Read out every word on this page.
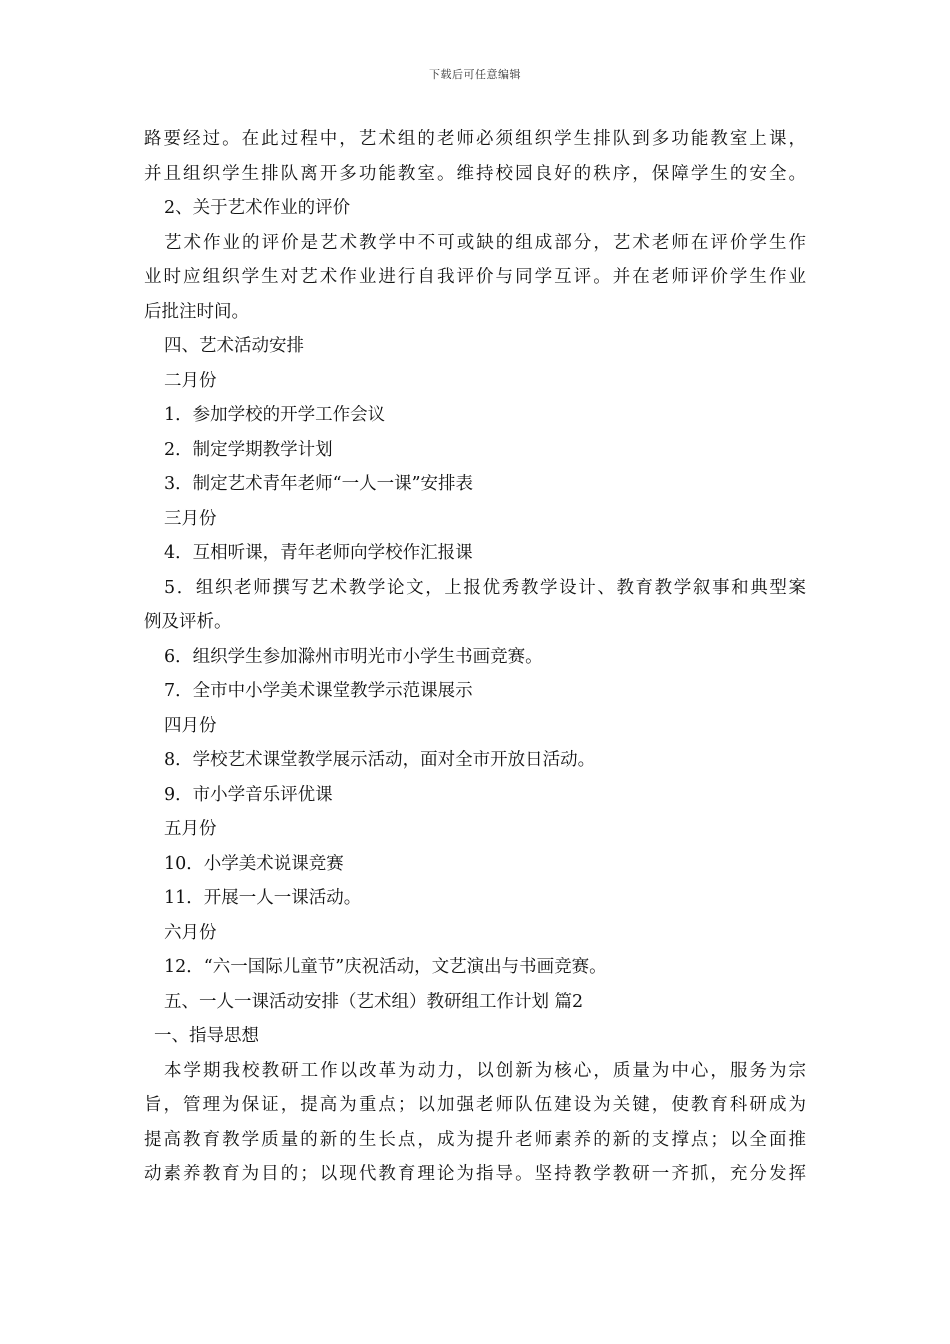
下载后可任意编辑
路要经过。在此过程中，艺术组的老师必须组织学生排队到多功能教室上课，
并且组织学生排队离开多功能教室。维持校园良好的秩序，保障学生的安全。
2、关于艺术作业的评价
艺术作业的评价是艺术教学中不可或缺的组成部分，艺术老师在评价学生作
业时应组织学生对艺术作业进行自我评价与同学互评。并在老师评价学生作业
后批注时间。
四、艺术活动安排
二月份
1．参加学校的开学工作会议
2．制定学期教学计划
3．制定艺术青年老师“一人一课”安排表
三月份
4．互相听课，青年老师向学校作汇报课
5．组织老师撰写艺术教学论文，上报优秀教学设计、教育教学叙事和典型案
例及评析。
6．组织学生参加滁州市明光市小学生书画竞赛。
7．全市中小学美术课堂教学示范课展示
四月份
8．学校艺术课堂教学展示活动，面对全市开放日活动。
9．市小学音乐评优课
五月份
10．小学美术说课竞赛
11．开展一人一课活动。
六月份
12．“六一国际儿童节”庆祝活动，文艺演出与书画竞赛。
五、一人一课活动安排（艺术组）教研组工作计划 篇2
一、指导思想
本学期我校教研工作以改革为动力，以创新为核心，质量为中心，服务为宗
旨，管理为保证，提高为重点；以加强老师队伍建设为关键，使教育科研成为
提高教育教学质量的新的生长点，成为提升老师素养的新的支撑点；以全面推
动素养教育为目的；以现代教育理论为指导。坚持教学教研一齐抓，充分发挥
